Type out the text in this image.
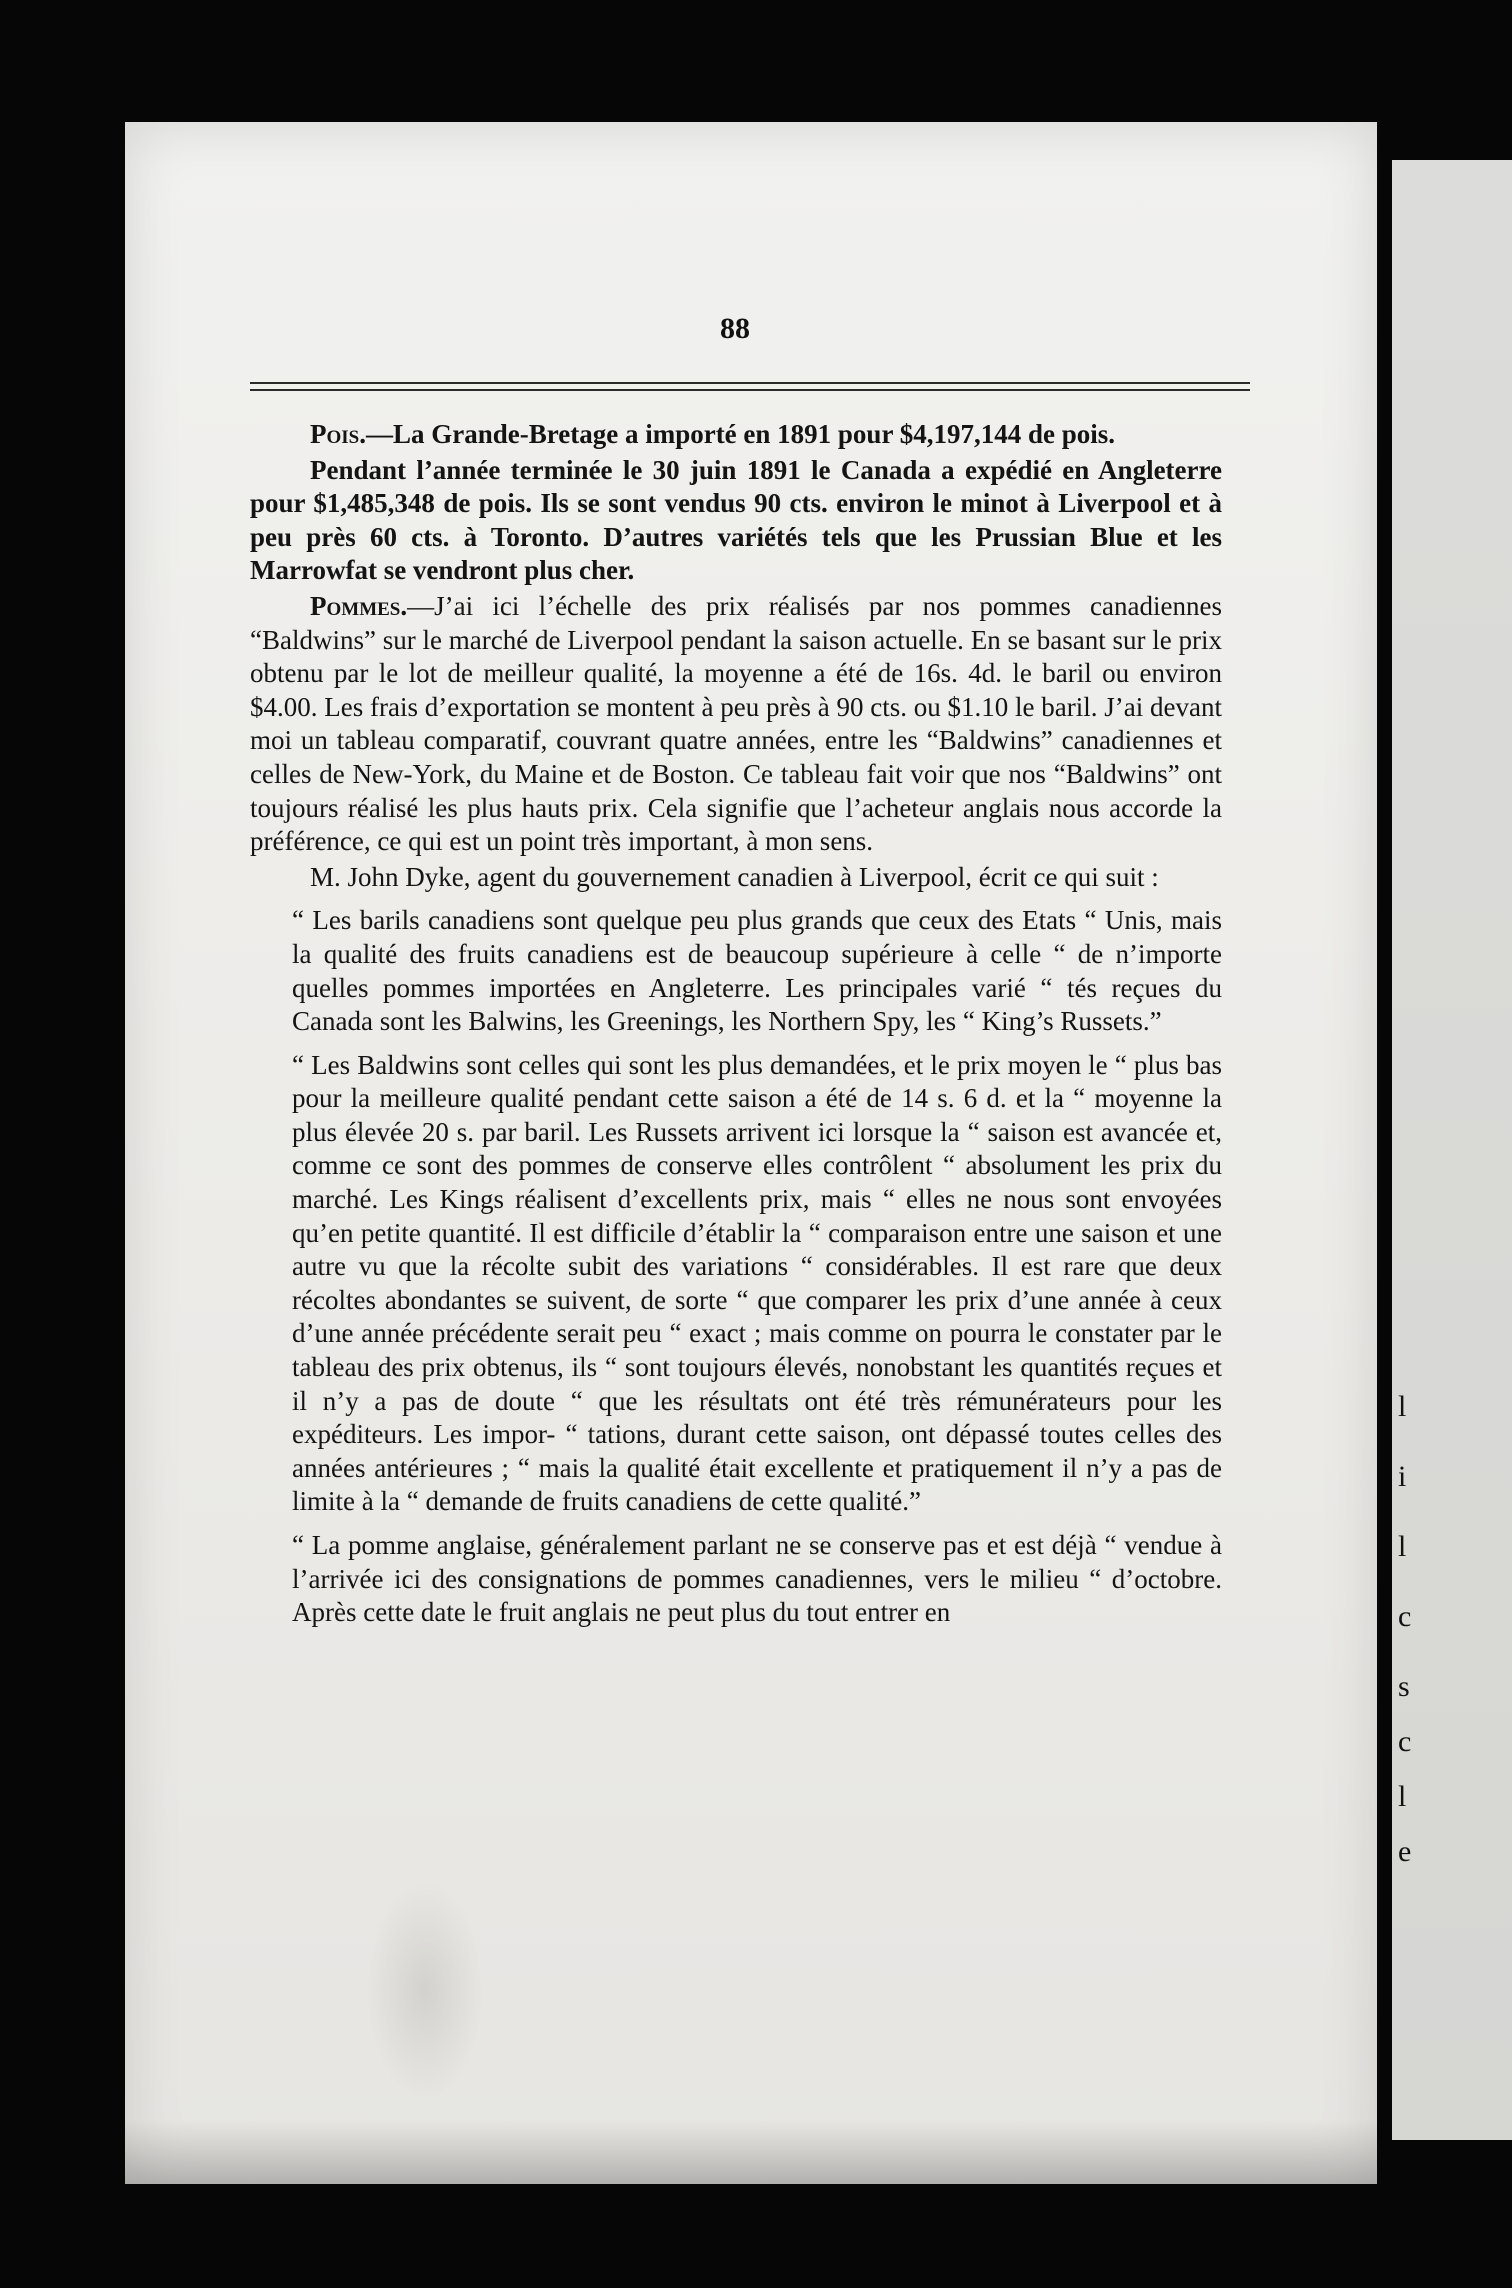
l
i
l
c
s
c
l
e
88

Pois.—La Grande-Bretage a importé en 1891 pour $4,197,144 de pois.

Pendant l’année terminée le 30 juin 1891 le Canada a expédié en Angleterre pour $1,485,348 de pois. Ils se sont vendus 90 cts. environ le minot à Liverpool et à peu près 60 cts. à Toronto. D’autres variétés tels que les Prussian Blue et les Marrowfat se vendront plus cher.

Pommes.—J’ai ici l’échelle des prix réalisés par nos pommes canadiennes “Baldwins” sur le marché de Liverpool pendant la saison actuelle. En se basant sur le prix obtenu par le lot de meilleur qualité, la moyenne a été de 16s. 4d. le baril ou environ $4.00. Les frais d’exportation se montent à peu près à 90 cts. ou $1.10 le baril. J’ai devant moi un tableau comparatif, couvrant quatre années, entre les “Baldwins” canadiennes et celles de New-York, du Maine et de Boston. Ce tableau fait voir que nos “Baldwins” ont toujours réalisé les plus hauts prix. Cela signifie que l’acheteur anglais nous accorde la préférence, ce qui est un point très important, à mon sens.

M. John Dyke, agent du gouvernement canadien à Liverpool, écrit ce qui suit :

“ Les barils canadiens sont quelque peu plus grands que ceux des Etats “ Unis, mais la qualité des fruits canadiens est de beaucoup supérieure à celle “ de n’importe quelles pommes importées en Angleterre. Les principales varié “ tés reçues du Canada sont les Balwins, les Greenings, les Northern Spy, les “ King’s Russets.”

“ Les Baldwins sont celles qui sont les plus demandées, et le prix moyen le “ plus bas pour la meilleure qualité pendant cette saison a été de 14 s. 6 d. et la “ moyenne la plus élevée 20 s. par baril. Les Russets arrivent ici lorsque la “ saison est avancée et, comme ce sont des pommes de conserve elles contrôlent “ absolument les prix du marché. Les Kings réalisent d’excellents prix, mais “ elles ne nous sont envoyées qu’en petite quantité. Il est difficile d’établir la “ comparaison entre une saison et une autre vu que la récolte subit des variations “ considérables. Il est rare que deux récoltes abondantes se suivent, de sorte “ que comparer les prix d’une année à ceux d’une année précédente serait peu “ exact ; mais comme on pourra le constater par le tableau des prix obtenus, ils “ sont toujours élevés, nonobstant les quantités reçues et il n’y a pas de doute “ que les résultats ont été très rémunérateurs pour les expéditeurs. Les impor- “ tations, durant cette saison, ont dépassé toutes celles des années antérieures ; “ mais la qualité était excellente et pratiquement il n’y a pas de limite à la “ demande de fruits canadiens de cette qualité.”

“ La pomme anglaise, généralement parlant ne se conserve pas et est déjà “ vendue à l’arrivée ici des consignations de pommes canadiennes, vers le milieu “ d’octobre. Après cette date le fruit anglais ne peut plus du tout entrer en
